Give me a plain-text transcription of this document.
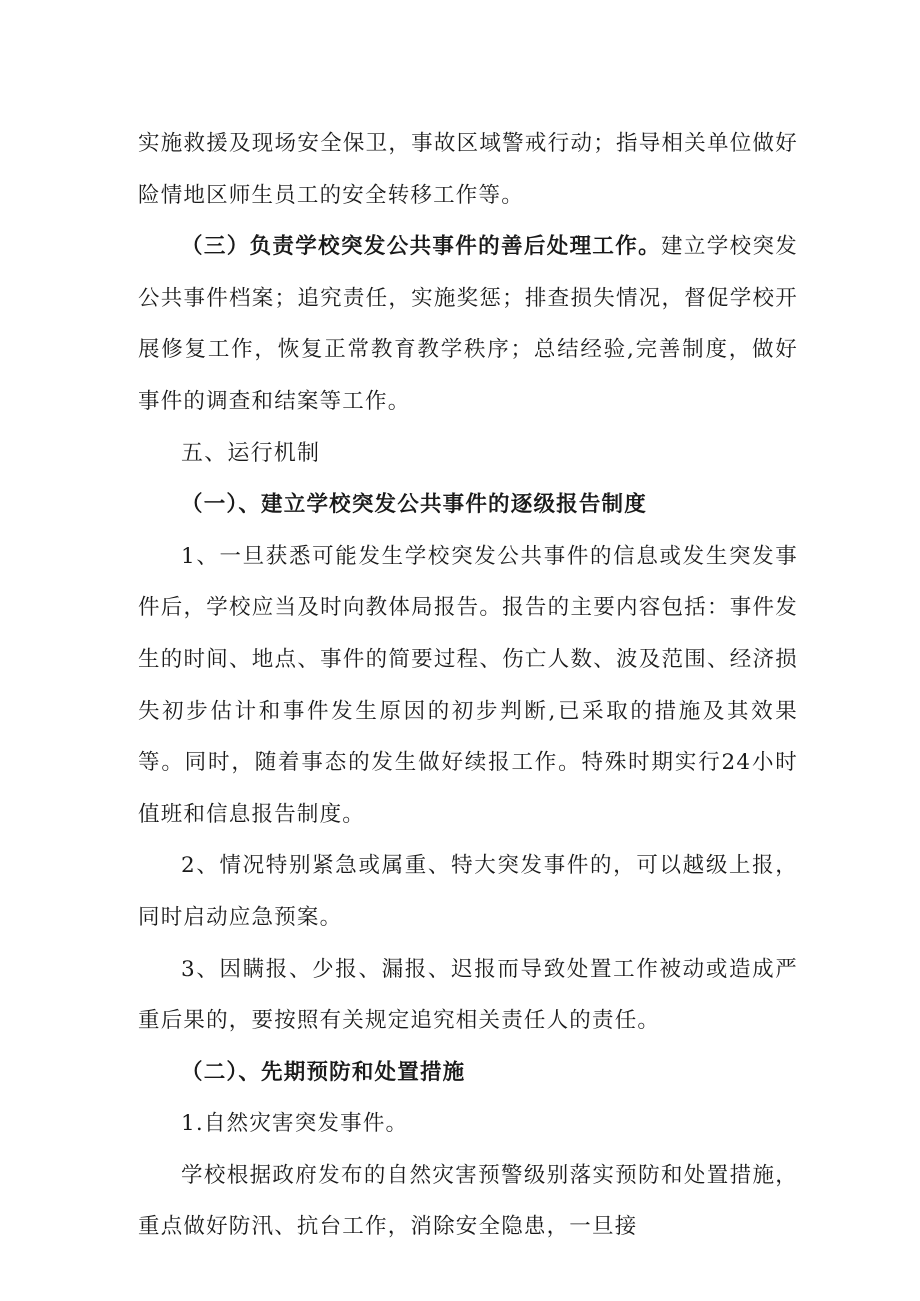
实施救援及现场安全保卫，事故区域警戒行动；指导相关单位做好险情地区师生员工的安全转移工作等。

（三）负责学校突发公共事件的善后处理工作。建立学校突发公共事件档案；追究责任，实施奖惩；排查损失情况，督促学校开展修复工作，恢复正常教育教学秩序；总结经验,完善制度，做好事件的调查和结案等工作。

五、运行机制

（一）、建立学校突发公共事件的逐级报告制度

1、一旦获悉可能发生学校突发公共事件的信息或发生突发事件后，学校应当及时向教体局报告。报告的主要内容包括：事件发生的时间、地点、事件的简要过程、伤亡人数、波及范围、经济损失初步估计和事件发生原因的初步判断,已采取的措施及其效果等。同时，随着事态的发生做好续报工作。特殊时期实行24小时值班和信息报告制度。

2、情况特别紧急或属重、特大突发事件的，可以越级上报，同时启动应急预案。

3、因瞒报、少报、漏报、迟报而导致处置工作被动或造成严重后果的，要按照有关规定追究相关责任人的责任。

（二）、先期预防和处置措施

1.自然灾害突发事件。

学校根据政府发布的自然灾害预警级别落实预防和处置措施，重点做好防汛、抗台工作，消除安全隐患，一旦接
